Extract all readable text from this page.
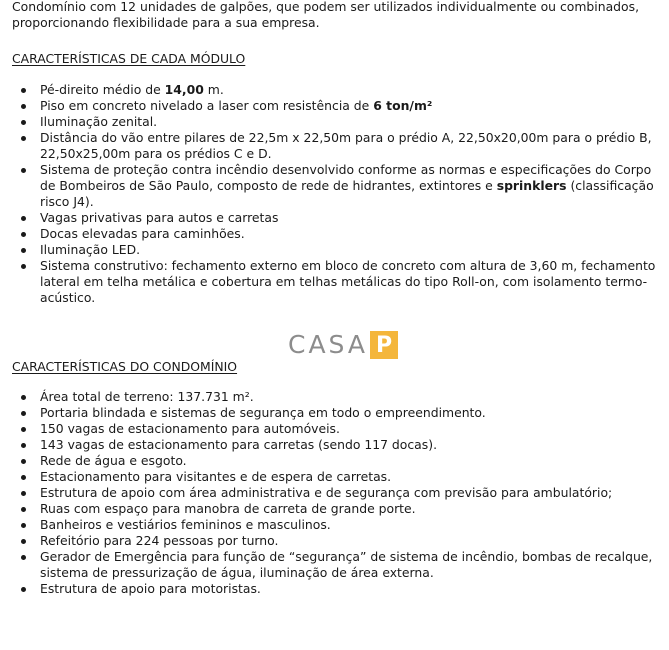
Condomínio com 12 unidades de galpões, que podem ser utilizados individualmente ou combinados, proporcionando flexibilidade para a sua empresa.

CARACTERÍSTICAS DE CADA MÓDULO
Pé-direito médio de 14,00 m.
Piso em concreto nivelado a laser com resistência de 6 ton/m²
Iluminação zenital.
Distância do vão entre pilares de 22,5m x 22,50m para o prédio A, 22,50x20,00m para o prédio B, 22,50x25,00m para os prédios C e D.
Sistema de proteção contra incêndio desenvolvido conforme as normas e especificações do Corpo de Bombeiros de São Paulo, composto de rede de hidrantes, extintores e sprinklers (classificação risco J4).
Vagas privativas para autos e carretas
Docas elevadas para caminhões.
Iluminação LED.
Sistema construtivo: fechamento externo em bloco de concreto com altura de 3,60 m, fechamento lateral em telha metálica e cobertura em telhas metálicas do tipo Roll-on, com isolamento termo-acústico.
CASA P
CARACTERÍSTICAS DO CONDOMÍNIO
Área total de terreno: 137.731 m².
Portaria blindada e sistemas de segurança em todo o empreendimento.
150 vagas de estacionamento para automóveis.
143 vagas de estacionamento para carretas (sendo 117 docas).
Rede de água e esgoto.
Estacionamento para visitantes e de espera de carretas.
Estrutura de apoio com área administrativa e de segurança com previsão para ambulatório;
Ruas com espaço para manobra de carreta de grande porte.
Banheiros e vestiários femininos e masculinos.
Refeitório para 224 pessoas por turno.
Gerador de Emergência para função de “segurança” de sistema de incêndio, bombas de recalque, sistema de pressurização de água, iluminação de área externa.
Estrutura de apoio para motoristas.
